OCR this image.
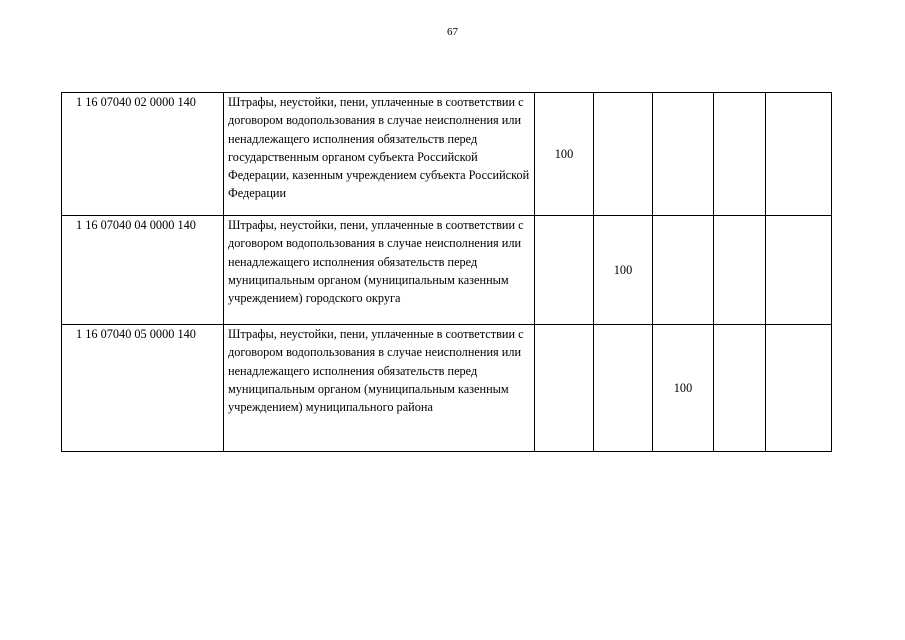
67
1 16 07040 02 0000 140	Штрафы, неустойки, пени, уплаченные в соответствии с договором водопользования в случае неисполнения или ненадлежащего исполнения обязательств перед государственным органом субъекта Российской Федерации, казенным учреждением субъекта Российской Федерации	100				
1 16 07040 04 0000 140	Штрафы, неустойки, пени, уплаченные в соответствии с договором водопользования в случае неисполнения или ненадлежащего исполнения обязательств перед муниципальным органом (муниципальным казенным учреждением) городского округа		100			
1 16 07040 05 0000 140	Штрафы, неустойки, пени, уплаченные в соответствии с договором водопользования в случае неисполнения или ненадлежащего исполнения обязательств перед муниципальным органом (муниципальным казенным учреждением) муниципального района			100		
